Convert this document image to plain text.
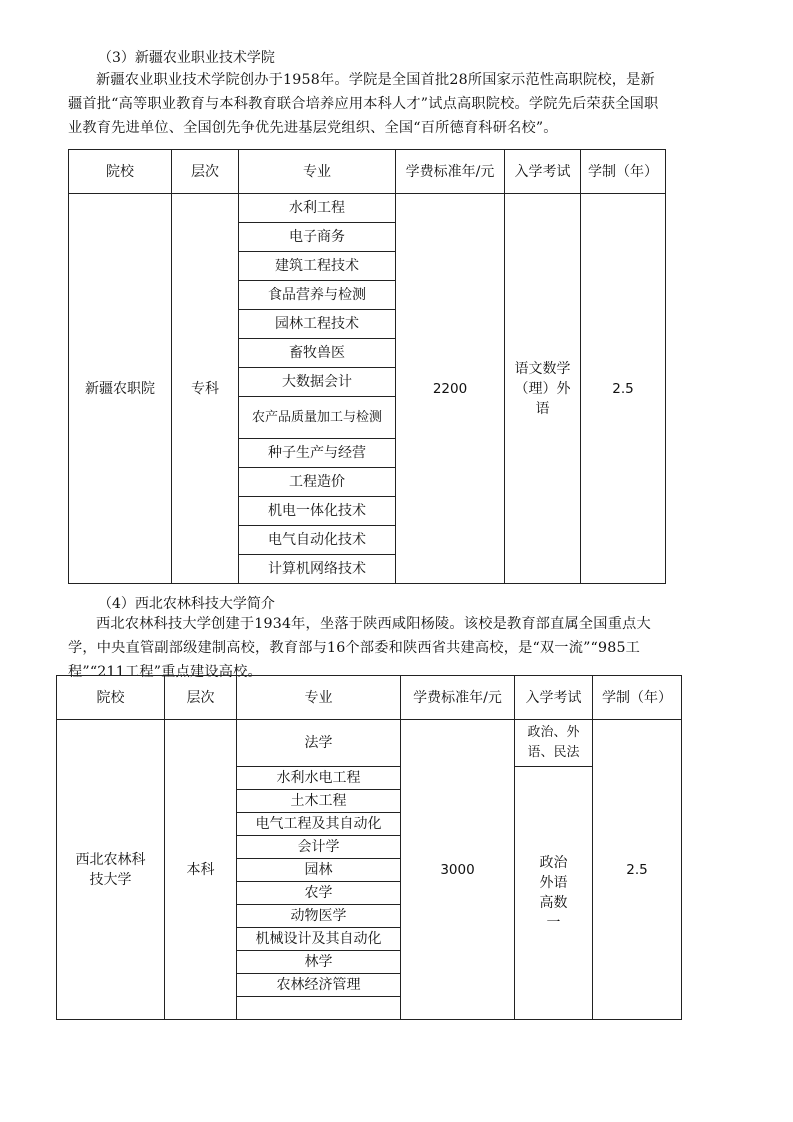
（3）新疆农业职业技术学院
新疆农业职业技术学院创办于1958年。学院是全国首批28所国家示范性高职院校，是新疆首批“高等职业教育与本科教育联合培养应用本科人才”试点高职院校。学院先后荣获全国职业教育先进单位、全国创先争优先进基层党组织、全国“百所德育科研名校”。
院校	层次	专业	学费标准年/元	入学考试	学制（年）
新疆农职院	专科	水利工程	2200	语文数学（理）外语	2.5
		电子商务			
		建筑工程技术			
		食品营养与检测			
		园林工程技术			
		畜牧兽医			
		大数据会计			
		农产品质量加工与检测			
		种子生产与经营			
		工程造价			
		机电一体化技术			
		电气自动化技术			
		计算机网络技术			
（4）西北农林科技大学简介
西北农林科技大学创建于1934年，坐落于陕西咸阳杨陵。该校是教育部直属全国重点大学，中央直管副部级建制高校，教育部与16个部委和陕西省共建高校，是“双一流”“985工程”“211工程”重点建设高校。
院校	层次	专业	学费标准年/元	入学考试	学制（年）
西北农林科技大学	本科	法学	3000	政治、外语、民法	2.5
		水利水电工程		政治外语高数一	
		土木工程			
		电气工程及其自动化			
		会计学			
		园林			
		农学			
		动物医学			
		机械设计及其自动化			
		林学			
		农林经济管理			
